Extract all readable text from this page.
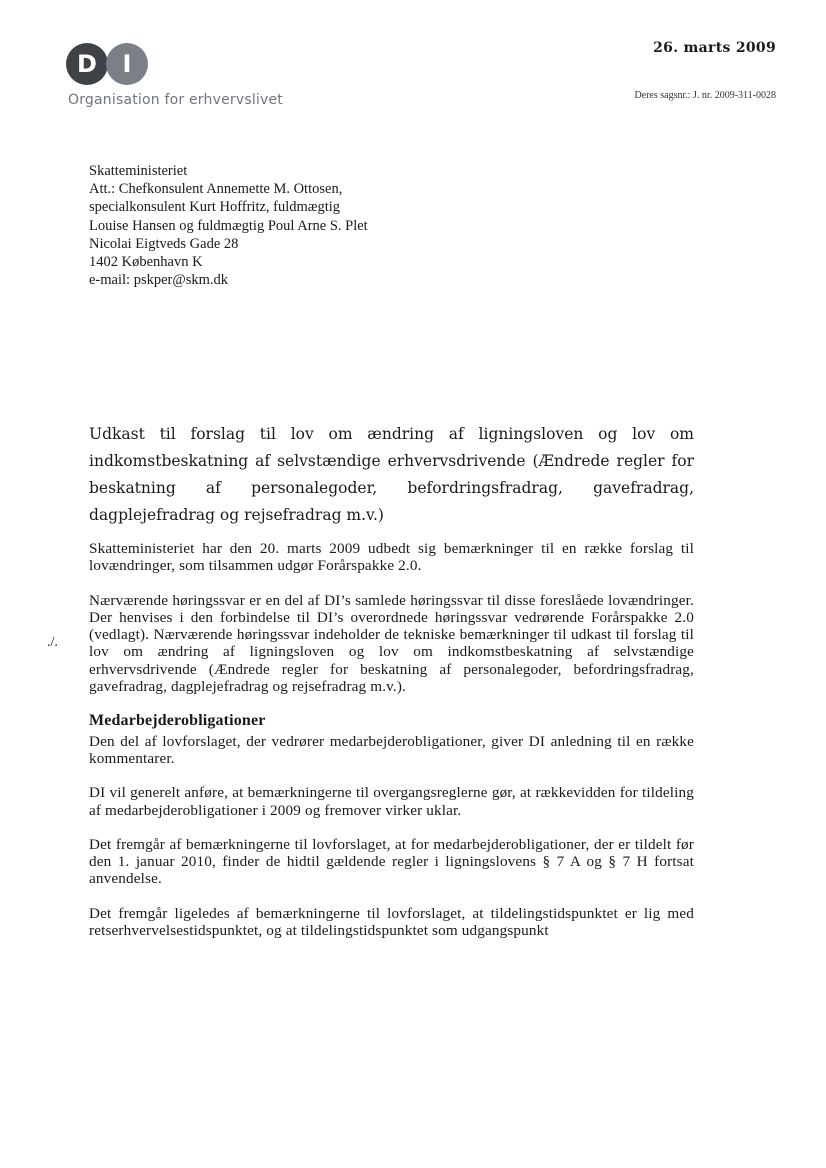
D	I
Organisation for erhvervslivet
26. marts 2009
Deres sagsnr.: J. nr. 2009-311-0028
Skatteministeriet
Att.: Chefkonsulent Annemette M. Ottosen,
specialkonsulent Kurt Hoffritz, fuldmægtig
Louise Hansen og fuldmægtig Poul Arne S. Plet
Nicolai Eigtveds Gade 28
1402 København K
e-mail: pskper@skm.dk
Udkast til forslag til lov om ændring af ligningsloven og lov om indkomstbeskatning af selvstændige erhvervsdrivende (Ændrede regler for beskatning af personalegoder, befordringsfradrag, gavefradrag, dagplejefradrag og rejsefradrag m.v.)
./.

Skatteministeriet har den 20. marts 2009 udbedt sig bemærkninger til en række forslag til lovændringer, som tilsammen udgør Forårspakke 2.0.

Nærværende høringssvar er en del af DI’s samlede høringssvar til disse foreslåede lovændringer. Der henvises i den forbindelse til DI’s overordnede høringssvar vedrørende Forårspakke 2.0 (vedlagt). Nærværende høringssvar indeholder de tekniske bemærkninger til udkast til forslag til lov om ændring af ligningsloven og lov om indkomstbeskatning af selvstændige erhvervsdrivende (Ændrede regler for beskatning af personalegoder, befordringsfradrag, gavefradrag, dagplejefradrag og rejsefradrag m.v.).

Medarbejderobligationer

Den del af lovforslaget, der vedrører medarbejderobligationer, giver DI anledning til en række kommentarer.

DI vil generelt anføre, at bemærkningerne til overgangsreglerne gør, at rækkevidden for tildeling af medarbejderobligationer i 2009 og fremover virker uklar.

Det fremgår af bemærkningerne til lovforslaget, at for medarbejderobligationer, der er tildelt før den 1. januar 2010, finder de hidtil gældende regler i ligningslovens § 7 A og § 7 H fortsat anvendelse.

Det fremgår ligeledes af bemærkningerne til lovforslaget, at tildelingstidspunktet er lig med retserhvervelsestidspunktet, og at tildelingstidspunktet som udgangspunkt
